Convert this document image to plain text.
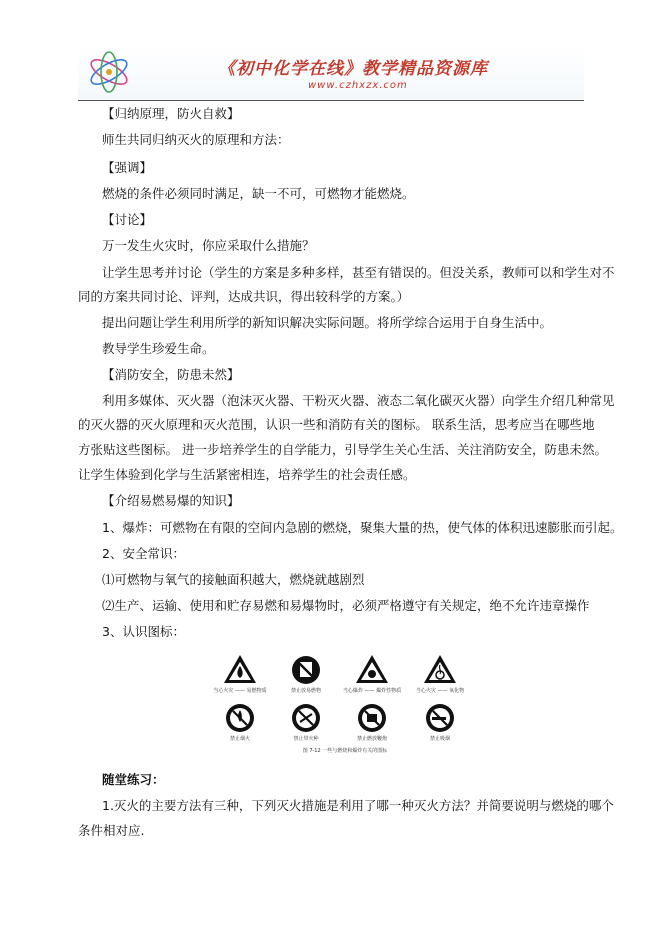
《初中化学在线》教学精品资源库
www.czhxzx.com
【归纳原理，防火自救】
师生共同归纳灭火的原理和方法：
【强调】
燃烧的条件必须同时满足，缺一不可，可燃物才能燃烧。
【讨论】
万一发生火灾时，你应采取什么措施？
让学生思考并讨论（学生的方案是多种多样，甚至有错误的。但没关系，教师可以和学生对不
同的方案共同讨论、评判，达成共识，得出较科学的方案。）
提出问题让学生利用所学的新知识解决实际问题。将所学综合运用于自身生活中。
教导学生珍爱生命。
【消防安全，防患未然】
利用多媒体、灭火器（泡沫灭火器、干粉灭火器、液态二氧化碳灭火器）向学生介绍几种常见
的灭火器的灭火原理和灭火范围，认识一些和消防有关的图标。 联系生活，思考应当在哪些地
方张贴这些图标。 进一步培养学生的自学能力，引导学生关心生活、关注消防安全，防患未然。
让学生体验到化学与生活紧密相连，培养学生的社会责任感。
【介绍易燃易爆的知识】
1、爆炸：可燃物在有限的空间内急剧的燃烧，聚集大量的热，使气体的体积迅速膨胀而引起。
2、安全常识：
⑴可燃物与氧气的接触面积越大，燃烧就越剧烈
⑵生产、运输、使用和贮存易燃和易爆物时，必须严格遵守有关规定，绝不允许违章操作
3、认识图标：
当心火灾 —— 易燃物质	禁止放易燃物	当心爆炸 —— 爆炸性物质	当心火灾 —— 氧化物
禁止烟火	禁止带火种	禁止燃放鞭炮	禁止吸烟
图 7-12 一些与燃烧和爆炸有关的图标
随堂练习：
1.灭火的主要方法有三种，下列灭火措施是利用了哪一种灭火方法？并简要说明与燃烧的哪个
条件相对应.
